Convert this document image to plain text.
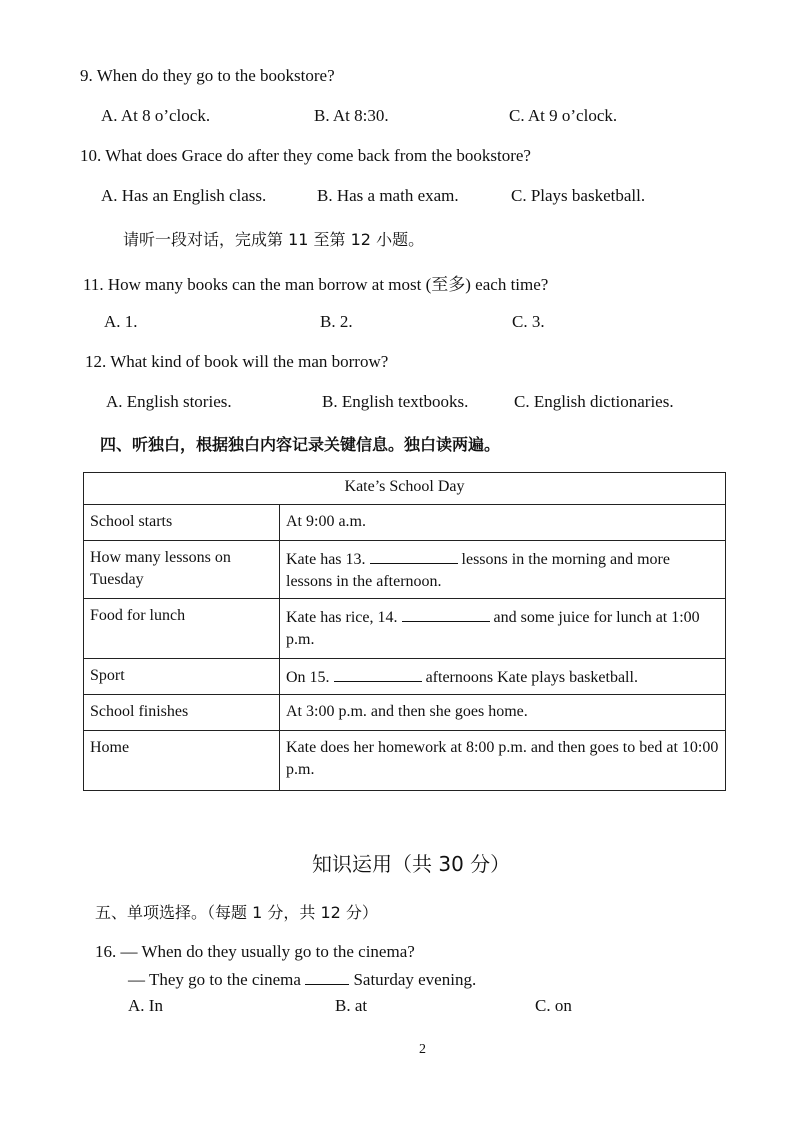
9. When do they go to the bookstore?
A. At 8 o’clock.	B. At 8:30.	C. At 9 o’clock.
10. What does Grace do after they come back from the bookstore?
A. Has an English class.	B. Has a math exam.	C. Plays basketball.
请听一段对话，完成第 11 至第 12 小题。
11. How many books can the man borrow at most (至多) each time?
A. 1.	B. 2.	C. 3.
12. What kind of book will the man borrow?
A. English stories.	B. English textbooks.	C. English dictionaries.
四、听独白，根据独白内容记录关键信息。独白读两遍。
Kate’s School Day	
School starts	At 9:00 a.m.
How many lessons on Tuesday	Kate has 13. lessons in the morning and more lessons in the afternoon.
Food for lunch	Kate has rice, 14. and some juice for lunch at 1:00 p.m.
Sport	On 15. afternoons Kate plays basketball.
School finishes	At 3:00 p.m. and then she goes home.
Home	Kate does her homework at 8:00 p.m. and then goes to bed at 10:00 p.m.
知识运用（共 30 分）
五、单项选择。（每题 1 分，共 12 分）
16. — When do they usually go to the cinema?
— They go to the cinema	Saturday evening.
A. In	B. at	C. on
2
